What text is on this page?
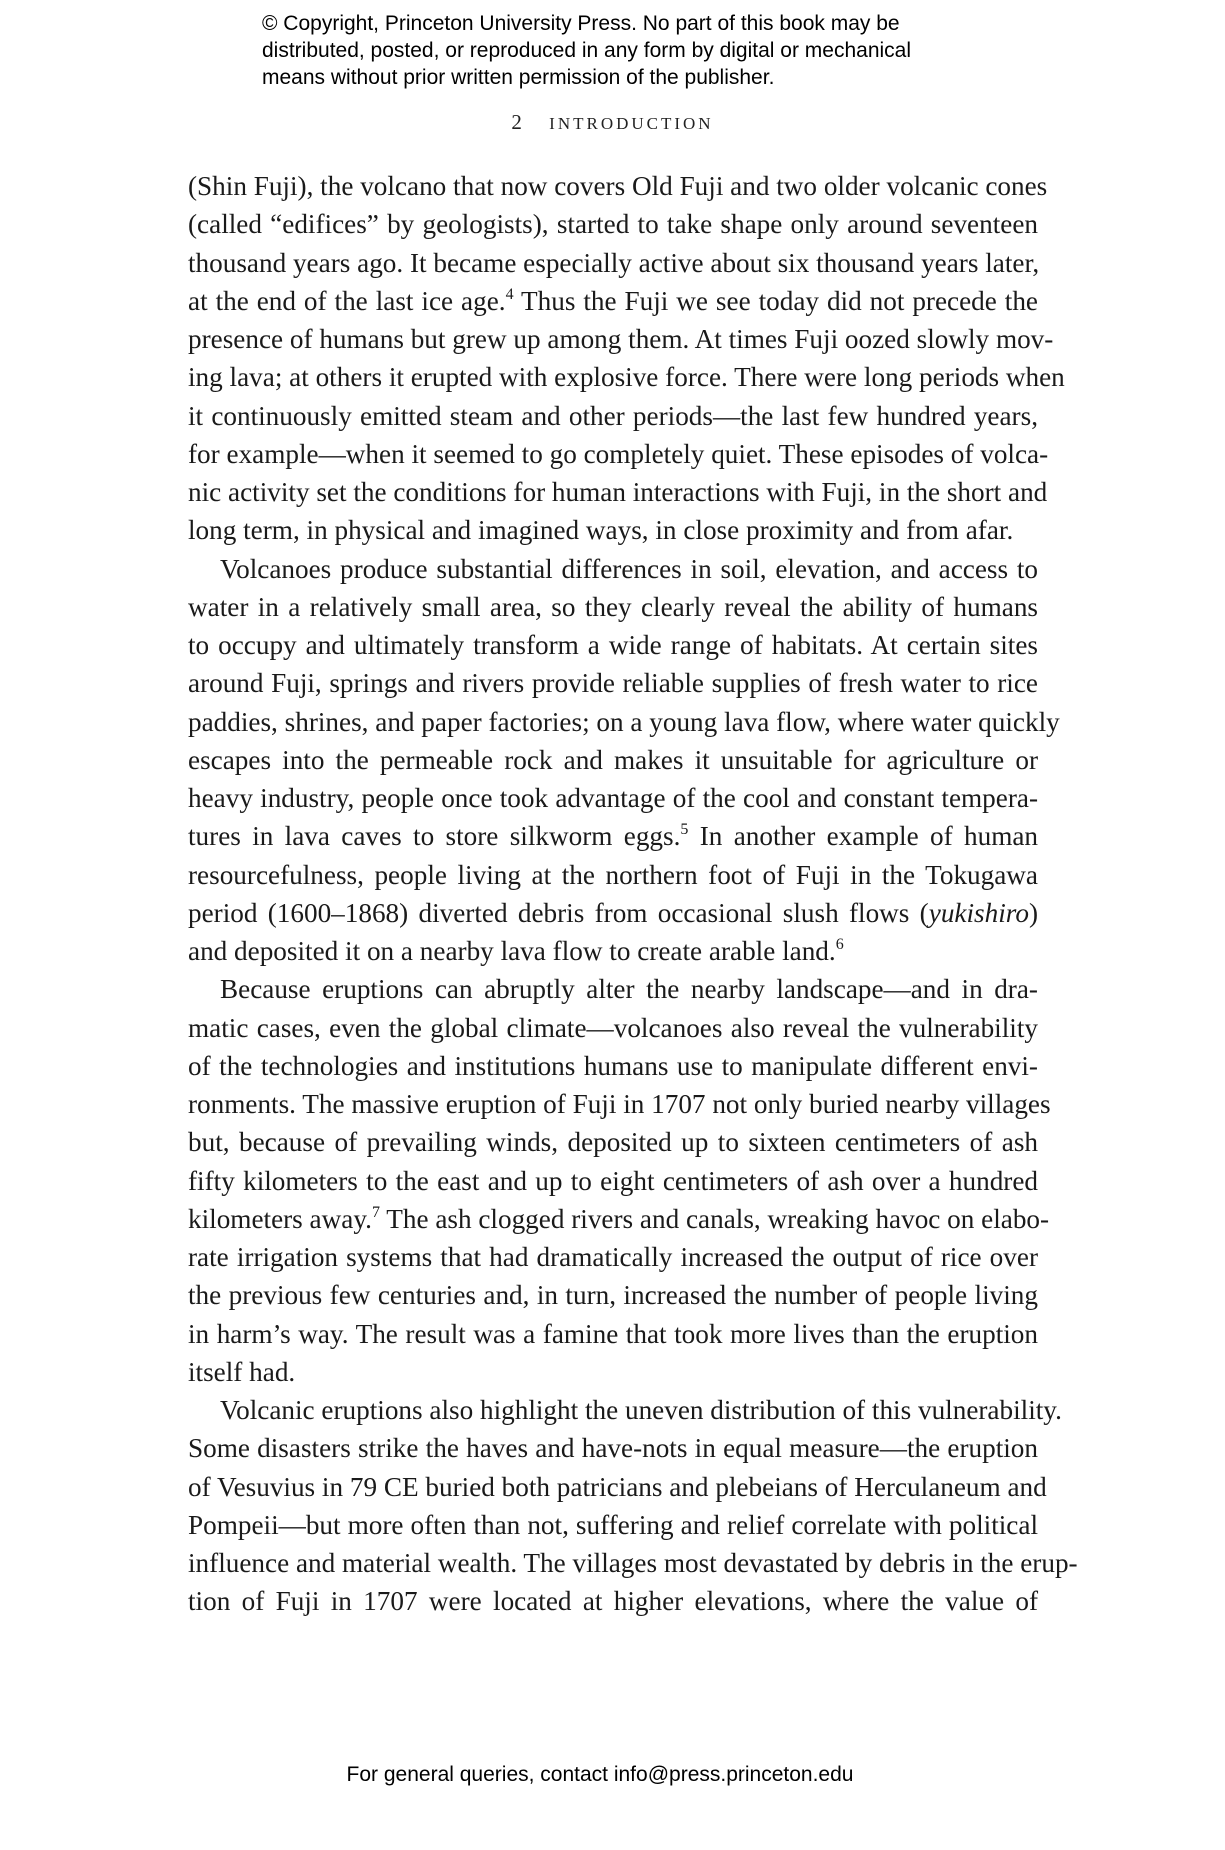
© Copyright, Princeton University Press. No part of this book may be
distributed, posted, or reproduced in any form by digital or mechanical
means without prior written permission of the publisher.
2 INTRODUCTION
(Shin Fuji), the volcano that now covers Old Fuji and two older volcanic cones
(called “edifices” by geologists), started to take shape only around seventeen
thousand years ago. It became especially active about six thousand years later,
at the end of the last ice age.$^4$ Thus the Fuji we see today did not precede the
presence of humans but grew up among them. At times Fuji oozed slowly mov-
ing lava; at others it erupted with explosive force. There were long periods when
it continuously emitted steam and other periods—the last few hundred years,
for example—when it seemed to go completely quiet. These episodes of volca-
nic activity set the conditions for human interactions with Fuji, in the short and
long term, in physical and imagined ways, in close proximity and from afar.
Volcanoes produce substantial differences in soil, elevation, and access to
water in a relatively small area, so they clearly reveal the ability of humans
to occupy and ultimately transform a wide range of habitats. At certain sites
around Fuji, springs and rivers provide reliable supplies of fresh water to rice
paddies, shrines, and paper factories; on a young lava flow, where water quickly
escapes into the permeable rock and makes it unsuitable for agriculture or
heavy industry, people once took advantage of the cool and constant tempera-
tures in lava caves to store silkworm eggs.$^5$ In another example of human
resourcefulness, people living at the northern foot of Fuji in the Tokugawa
period (1600–1868) diverted debris from occasional slush flows (yukishiro)
and deposited it on a nearby lava flow to create arable land.$^6$
Because eruptions can abruptly alter the nearby landscape—and in dra-
matic cases, even the global climate—volcanoes also reveal the vulnerability
of the technologies and institutions humans use to manipulate different envi-
ronments. The massive eruption of Fuji in 1707 not only buried nearby villages
but, because of prevailing winds, deposited up to sixteen centimeters of ash
fifty kilometers to the east and up to eight centimeters of ash over a hundred
kilometers away.$^7$ The ash clogged rivers and canals, wreaking havoc on elabo-
rate irrigation systems that had dramatically increased the output of rice over
the previous few centuries and, in turn, increased the number of people living
in harm’s way. The result was a famine that took more lives than the eruption
itself had.
Volcanic eruptions also highlight the uneven distribution of this vulnerability.
Some disasters strike the haves and have-nots in equal measure—the eruption
of Vesuvius in 79 CE buried both patricians and plebeians of Herculaneum and
Pompeii—but more often than not, suffering and relief correlate with political
influence and material wealth. The villages most devastated by debris in the erup-
tion of Fuji in 1707 were located at higher elevations, where the value of
For general queries, contact info@press.princeton.edu
